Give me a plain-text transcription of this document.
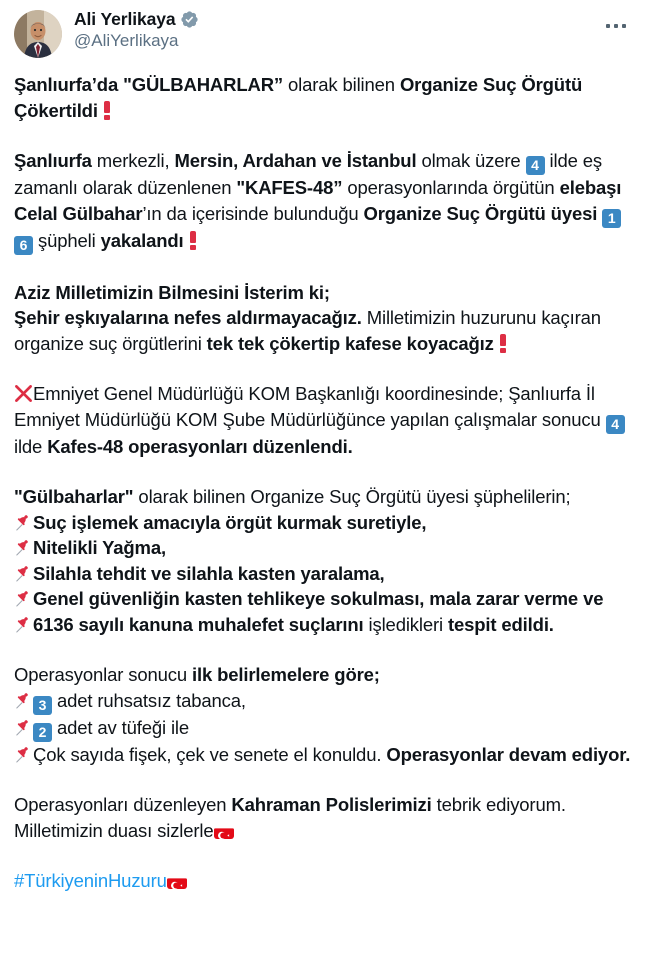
Ali Yerlikaya
@AliYerlikaya
Şanlıurfa’da "GÜLBAHARLAR” olarak bilinen Organize Suç Örgütü Çökertildi
Şanlıurfa merkezli, Mersin, Ardahan ve İstanbul olmak üzere 4 ilde eş zamanlı olarak düzenlenen "KAFES-48” operasyonlarında örgütün elebaşı Celal Gülbahar’ın da içerisinde bulunduğu Organize Suç Örgütü üyesi 16 şüpheli yakalandı
Aziz Milletimizin Bilmesini İsterim ki;
Şehir eşkıyalarına nefes aldırmayacağız. Milletimizin huzurunu kaçıran organize suç örgütlerini tek tek çökertip kafese koyacağız
Emniyet Genel Müdürlüğü KOM Başkanlığı koordinesinde; Şanlıurfa İl Emniyet Müdürlüğü KOM Şube Müdürlüğünce yapılan çalışmalar sonucu 4 ilde Kafes-48 operasyonları düzenlendi.
"Gülbaharlar" olarak bilinen Organize Suç Örgütü üyesi şüphelilerin;
Suç işlemek amacıyla örgüt kurmak suretiyle,
Nitelikli Yağma,
Silahla tehdit ve silahla kasten yaralama,
Genel güvenliğin kasten tehlikeye sokulması, mala zarar verme ve
6136 sayılı kanuna muhalefet suçlarını işledikleri tespit edildi.
Operasyonlar sonucu ilk belirlemelere göre;
3 adet ruhsatsız tabanca,
2 adet av tüfeği ile
Çok sayıda fişek, çek ve senete el konuldu. Operasyonlar devam ediyor.
Operasyonları düzenleyen Kahraman Polislerimizi tebrik ediyorum.
Milletimizin duası sizlerle
#TürkiyeninHuzuru
